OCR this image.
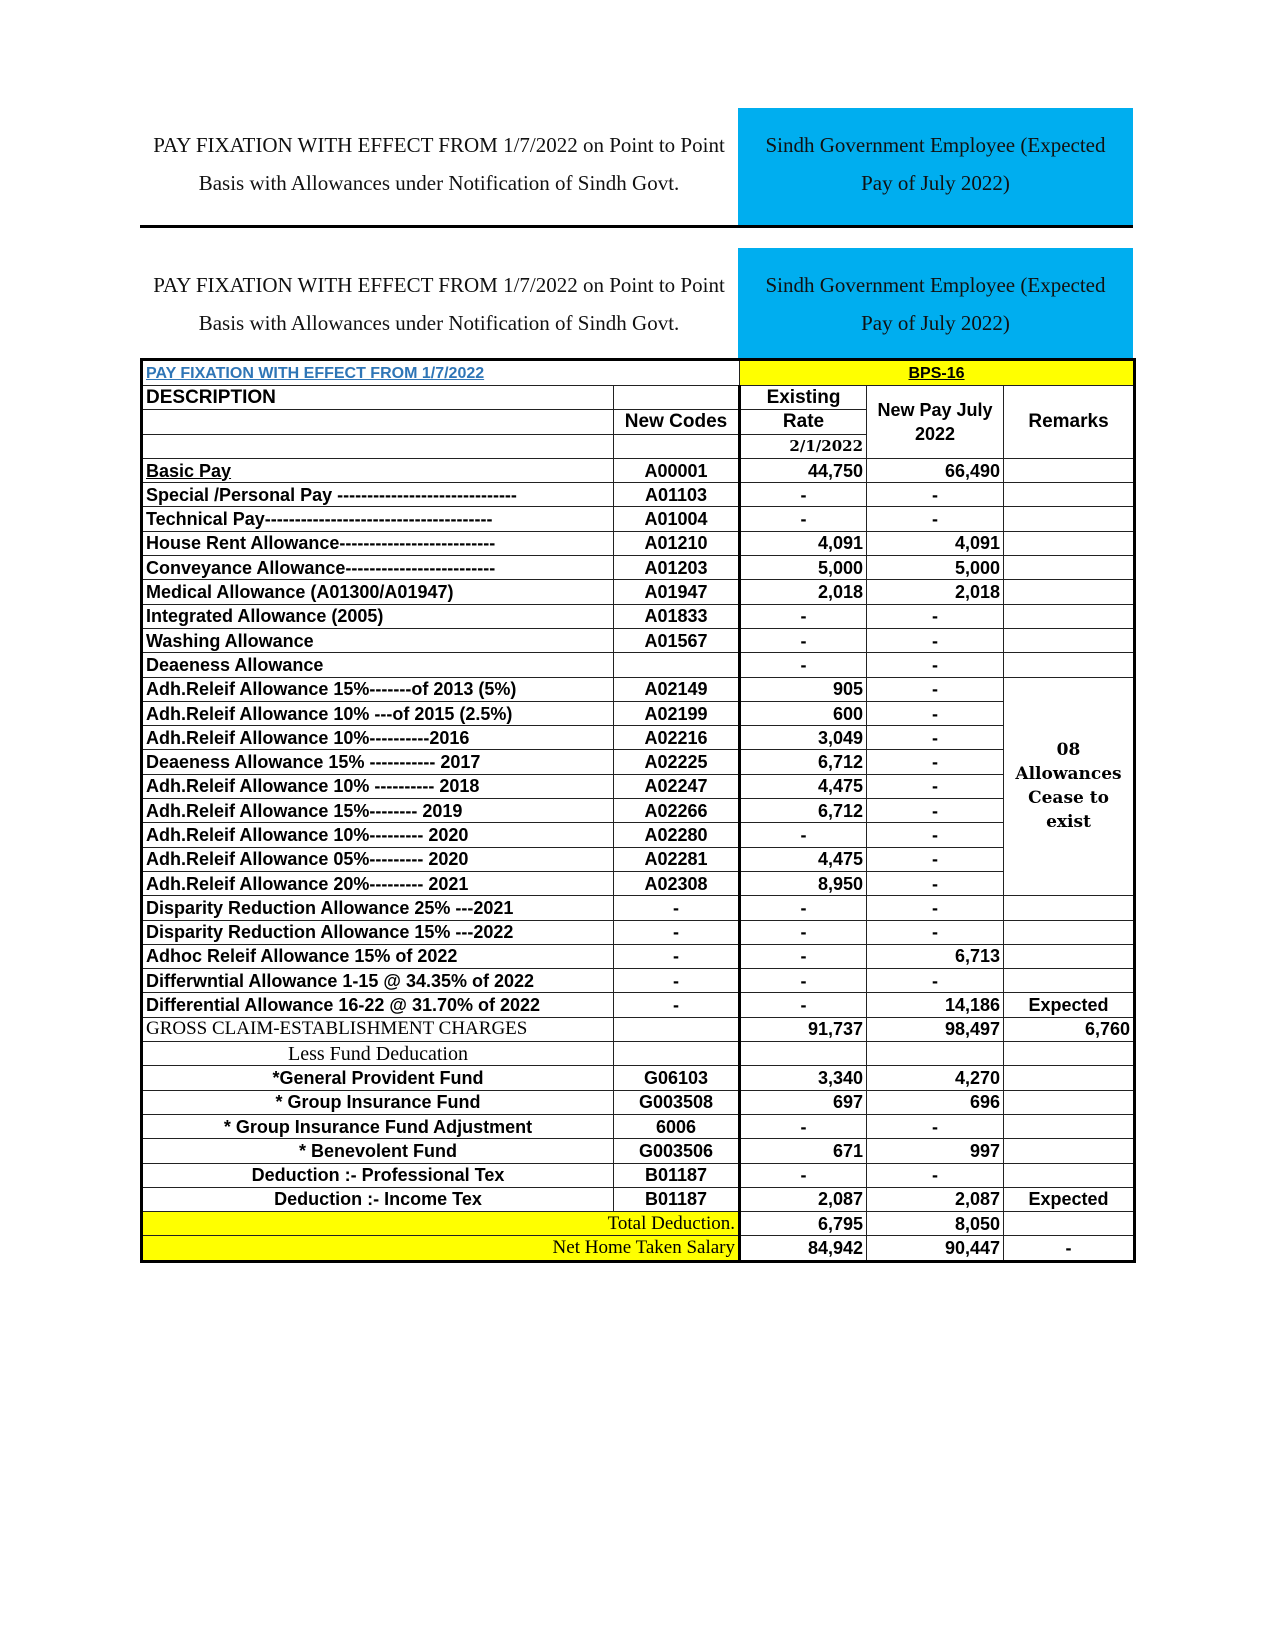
PAY FIXATION WITH EFFECT FROM 1/7/2022 on Point to Point
Basis with Allowances under Notification of Sindh Govt.
Sindh Government Employee (Expected
Pay of July 2022)
PAY FIXATION WITH EFFECT FROM 1/7/2022 on Point to Point
Basis with Allowances under Notification of Sindh Govt.
Sindh Government Employee (Expected
Pay of July 2022)
PAY FIXATION WITH EFFECT FROM 1/7/2022		BPS-16		
DESCRIPTION		Existing	New Pay July 2022	Remarks
	New Codes	Rate		
		2/1/2022		
Basic Pay	A00001	44,750	66,490	
Special /Personal Pay ------------------------------	A01103	-	-	
Technical Pay--------------------------------------	A01004	-	-	
House Rent Allowance--------------------------	A01210	4,091	4,091	
Conveyance Allowance-------------------------	A01203	5,000	5,000	
Medical Allowance (A01300/A01947)	A01947	2,018	2,018	
Integrated Allowance (2005)	A01833	-	-	
Washing Allowance	A01567	-	-	
Deaeness Allowance		-	-	
Adh.Releif Allowance 15%-------of 2013 (5%)	A02149	905	-	08 Allowances Cease to exist
Adh.Releif Allowance 10% ---of 2015 (2.5%)	A02199	600	-	
Adh.Releif Allowance 10%----------2016	A02216	3,049	-	
Deaeness Allowance 15% ----------- 2017	A02225	6,712	-	
Adh.Releif Allowance 10% ---------- 2018	A02247	4,475	-	
Adh.Releif Allowance 15%-------- 2019	A02266	6,712	-	
Adh.Releif Allowance 10%--------- 2020	A02280	-	-	
Adh.Releif Allowance 05%--------- 2020	A02281	4,475	-	
Adh.Releif Allowance 20%--------- 2021	A02308	8,950	-	
Disparity Reduction Allowance 25% ---2021	-	-	-	
Disparity Reduction Allowance 15% ---2022	-	-	-	
Adhoc Releif Allowance 15% of 2022	-	-	6,713	
Differwntial Allowance 1-15 @ 34.35% of 2022	-	-	-	
Differential Allowance 16-22 @ 31.70% of 2022	-	-	14,186	Expected
GROSS CLAIM-ESTABLISHMENT CHARGES		91,737	98,497	6,760
Less Fund Deducation				
*General Provident Fund	G06103	3,340	4,270	
* Group Insurance Fund	G003508	697	696	
* Group Insurance Fund Adjustment	6006	-	-	
* Benevolent Fund	G003506	671	997	
Deduction :- Professional Tex	B01187	-	-	
Deduction :- Income Tex	B01187	2,087	2,087	Expected
Total Deduction.		6,795	8,050	
Net Home Taken Salary		84,942	90,447	-
